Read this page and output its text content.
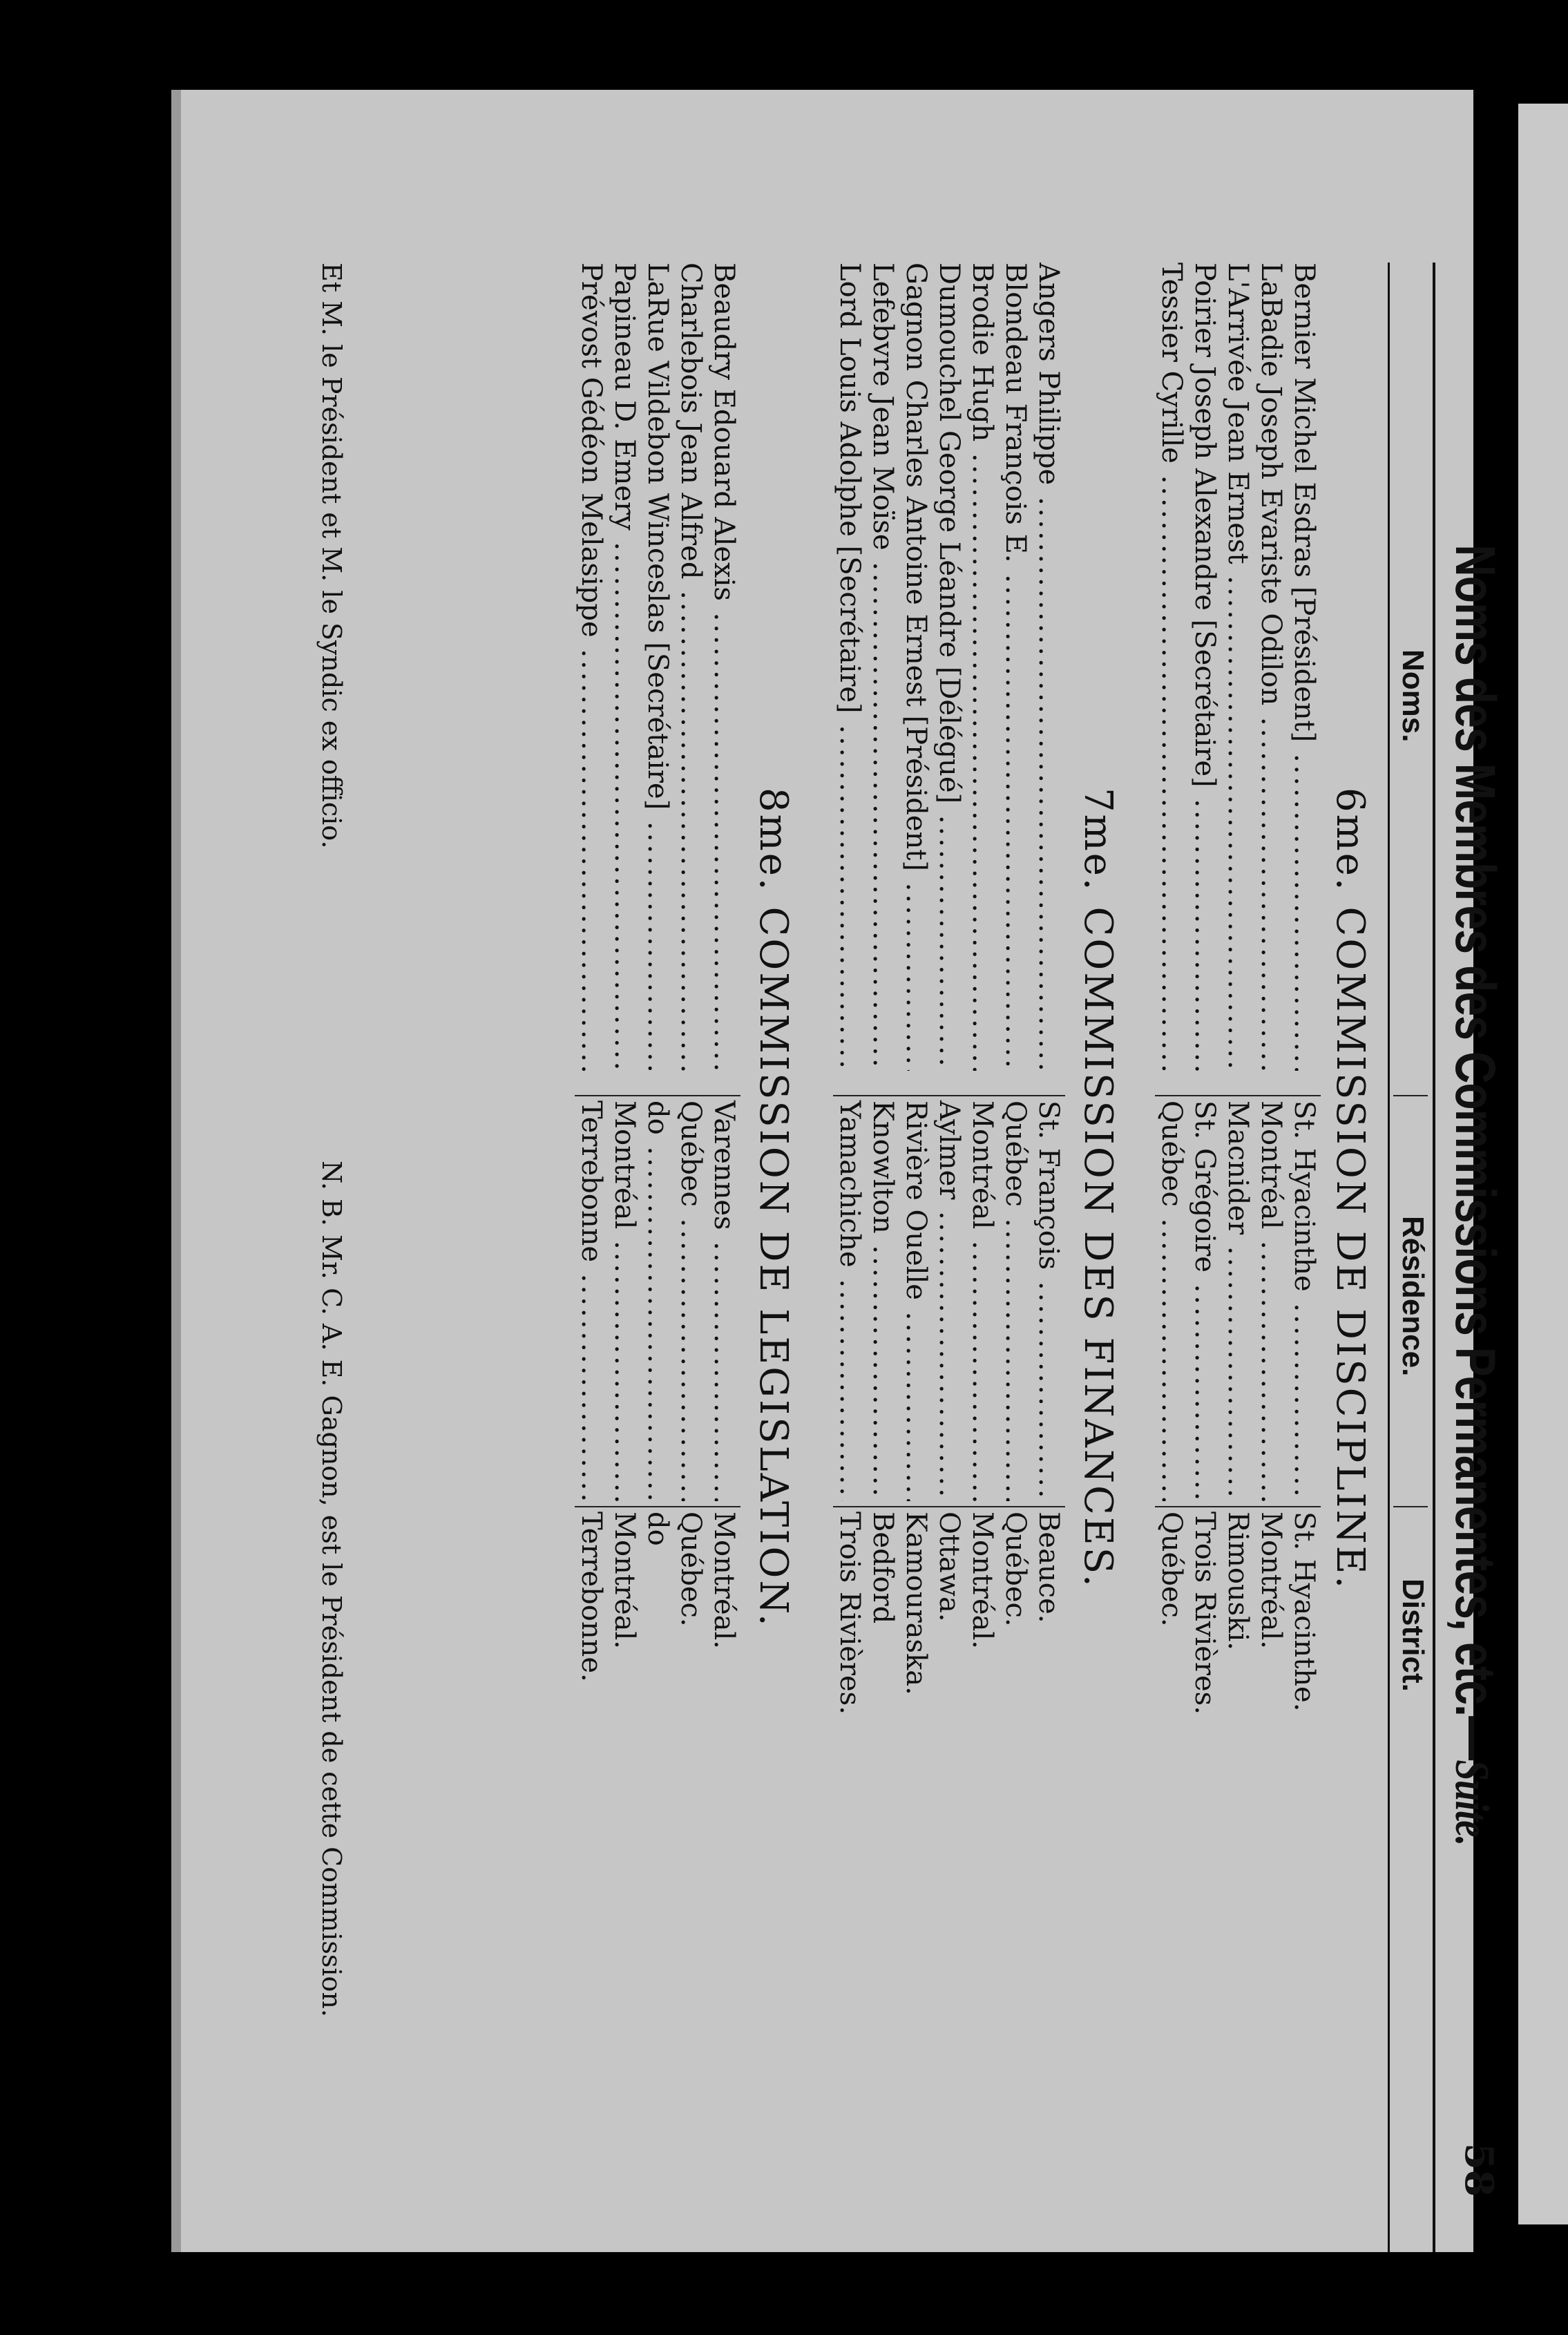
58
Noms des Membres des Commissions Permanentes, etc.—Suite.
Noms.
Résidence.
District.
6me. COMMISSION DE DISCIPLINE.
Bernier Michel Esdras [Président] .....
St. Hyacinthe .....
St. Hyacinthe.
LaBadie Joseph Evariste Odilon .....
Montréal .....
Montréal.
L'Arrivée Jean Ernest .....
Macnider .....
Rimouski.
Poirier Joseph Alexandre [Secrétaire] .....
St. Grégoire .....
Trois Rivières.
Tessier Cyrille .....
Québec .....
Québec.
7me. COMMISSION DES FINANCES.
Angers Philippe .....
St. François .....
Beauce.
Blondeau François E. .....
Québec .....
Québec.
Brodie Hugh .....
Montréal .....
Montréal.
Dumouchel George Léandre [Délégué] .....
Aylmer .....
Ottawa.
Gagnon Charles Antoine Ernest [Président] .....
Rivière Ouelle .....
Kamouraska.
Lefebvre Jean Moïse .....
Knowlton .....
Bedford
Lord Louis Adolphe [Secrétaire] .....
Yamachiche .....
Trois Rivières.
8me. COMMISSION DE LEGISLATION.
Beaudry Edouard Alexis .....
Varennes .....
Montréal.
Charlebois Jean Alfred .....
Québec .....
Québec.
LaRue Vildebon Winceslas [Secrétaire] .....
do .....
do
Papineau D. Emery .....
Montréal .....
Montréal.
Prévost Gédéon Melasippe .....
Terrebonne .....
Terrebonne.
Et M. le Président et M. le Syndic ex officio.
N. B. Mr. C. A. E. Gagnon, est le Président de cette Commission.
